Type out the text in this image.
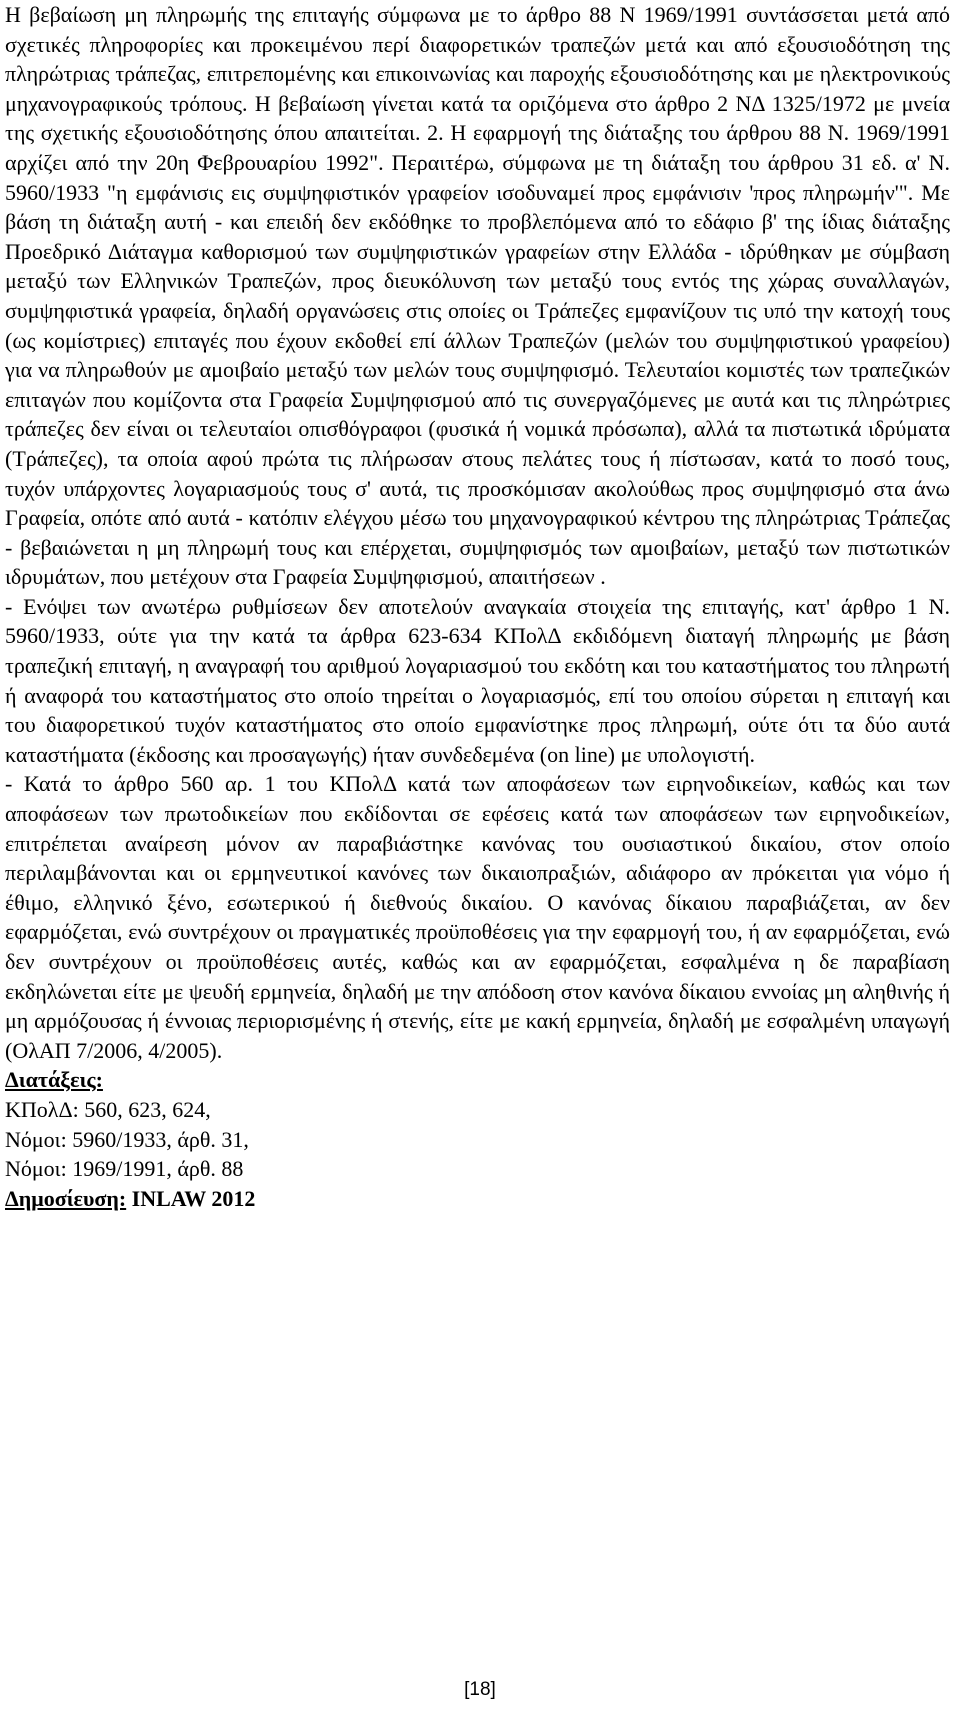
Η βεβαίωση μη πληρωμής της επιταγής σύμφωνα με το άρθρο 88 Ν 1969/1991 συντάσσεται μετά από σχετικές πληροφορίες και προκειμένου περί διαφορετικών τραπεζών μετά και από εξουσιοδότηση της πληρώτριας τράπεζας, επιτρεπομένης και επικοινωνίας και παροχής εξουσιοδότησης και με ηλεκτρονικούς μηχανογραφικούς τρόπους. Η βεβαίωση γίνεται κατά τα οριζόμενα στο άρθρο 2 ΝΔ 1325/1972 με μνεία της σχετικής εξουσιοδότησης όπου απαιτείται. 2. Η εφαρμογή της διάταξης του άρθρου 88 Ν. 1969/1991 αρχίζει από την 20η Φεβρουαρίου 1992". Περαιτέρω, σύμφωνα με τη διάταξη του άρθρου 31 εδ. α' Ν. 5960/1933 "η εμφάνισις εις συμψηφιστικόν γραφείον ισοδυναμεί προς εμφάνισιν 'προς πληρωμήν'". Με βάση τη διάταξη αυτή - και επειδή δεν εκδόθηκε το προβλεπόμενα από το εδάφιο β' της ίδιας διάταξης Προεδρικό Διάταγμα καθορισμού των συμψηφιστικών γραφείων στην Ελλάδα - ιδρύθηκαν με σύμβαση μεταξύ των Ελληνικών Τραπεζών, προς διευκόλυνση των μεταξύ τους εντός της χώρας συναλλαγών, συμψηφιστικά γραφεία, δηλαδή οργανώσεις στις οποίες οι Τράπεζες εμφανίζουν τις υπό την κατοχή τους (ως κομίστριες) επιταγές που έχουν εκδοθεί επί άλλων Τραπεζών (μελών του συμψηφιστικού γραφείου) για να πληρωθούν με αμοιβαίο μεταξύ των μελών τους συμψηφισμό. Τελευταίοι κομιστές των τραπεζικών επιταγών που κομίζοντα στα Γραφεία Συμψηφισμού από τις συνεργαζόμενες με αυτά και τις πληρώτριες τράπεζες δεν είναι οι τελευταίοι οπισθόγραφοι (φυσικά ή νομικά πρόσωπα), αλλά τα πιστωτικά ιδρύματα (Τράπεζες), τα οποία αφού πρώτα τις πλήρωσαν στους πελάτες τους ή πίστωσαν, κατά το ποσό τους, τυχόν υπάρχοντες λογαριασμούς τους σ' αυτά, τις προσκόμισαν ακολούθως προς συμψηφισμό στα άνω Γραφεία, οπότε από αυτά - κατόπιν ελέγχου μέσω του μηχανογραφικού κέντρου της πληρώτριας Τράπεζας - βεβαιώνεται η μη πληρωμή τους και επέρχεται, συμψηφισμός των αμοιβαίων, μεταξύ των πιστωτικών ιδρυμάτων, που μετέχουν στα Γραφεία Συμψηφισμού, απαιτήσεων .

- Ενόψει των ανωτέρω ρυθμίσεων δεν αποτελούν αναγκαία στοιχεία της επιταγής, κατ' άρθρο 1 Ν. 5960/1933, ούτε για την κατά τα άρθρα 623-634 ΚΠολΔ εκδιδόμενη διαταγή πληρωμής με βάση τραπεζική επιταγή, η αναγραφή του αριθμού λογαριασμού του εκδότη και του καταστήματος του πληρωτή ή αναφορά του καταστήματος στο οποίο τηρείται ο λογαριασμός, επί του οποίου σύρεται η επιταγή και του διαφορετικού τυχόν καταστήματος στο οποίο εμφανίστηκε προς πληρωμή, ούτε ότι τα δύο αυτά καταστήματα (έκδοσης και προσαγωγής) ήταν συνδεδεμένα (on line) με υπολογιστή.

- Κατά το άρθρο 560 αρ. 1 του ΚΠολΔ κατά των αποφάσεων των ειρηνοδικείων, καθώς και των αποφάσεων των πρωτοδικείων που εκδίδονται σε εφέσεις κατά των αποφάσεων των ειρηνοδικείων, επιτρέπεται αναίρεση μόνον αν παραβιάστηκε κανόνας του ουσιαστικού δικαίου, στον οποίο περιλαμβάνονται και οι ερμηνευτικοί κανόνες των δικαιοπραξιών, αδιάφορο αν πρόκειται για νόμο ή έθιμο, ελληνικό ξένο, εσωτερικού ή διεθνούς δικαίου. Ο κανόνας δίκαιου παραβιάζεται, αν δεν εφαρμόζεται, ενώ συντρέχουν οι πραγματικές προϋποθέσεις για την εφαρμογή του, ή αν εφαρμόζεται, ενώ δεν συντρέχουν οι προϋποθέσεις αυτές, καθώς και αν εφαρμόζεται, εσφαλμένα η δε παραβίαση εκδηλώνεται είτε με ψευδή ερμηνεία, δηλαδή με την απόδοση στον κανόνα δίκαιου εννοίας μη αληθινής ή μη αρμόζουσας ή έννοιας περιορισμένης ή στενής, είτε με κακή ερμηνεία, δηλαδή με εσφαλμένη υπαγωγή (ΟλΑΠ 7/2006, 4/2005).

Διατάξεις:

ΚΠολΔ: 560, 623, 624,

Νόμοι: 5960/1933, άρθ. 31,

Νόμοι: 1969/1991, άρθ. 88

Δημοσίευση: INLAW 2012

[18]
